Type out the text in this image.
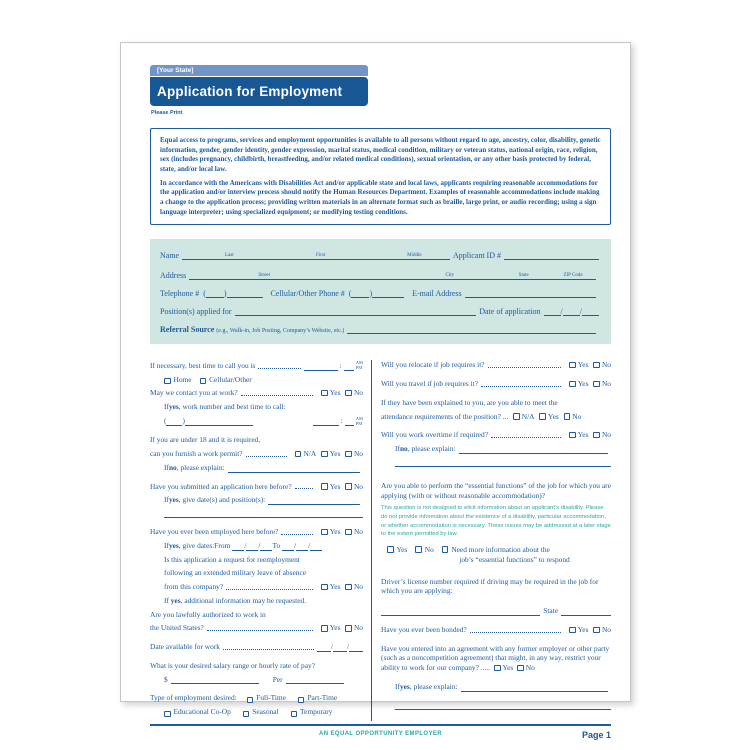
[Your State]
Application for Employment
Please Print

Equal access to programs, services and employment opportunities is available to all persons without regard to age, ancestry, color, disability, genetic information, gender, gender identity, gender expression, marital status, medical condition, military or veteran status, national origin, race, religion, sex (includes pregnancy, childbirth, breastfeeding, and/or related medical conditions), sexual orientation, or any other basis protected by federal, state, and/or local law.

In accordance with the Americans with Disabilities Act and/or applicable state and local laws, applicants requiring reasonable accommodations for the application and/or interview process should notify the Human Resources Department. Examples of reasonable accommodations include making a change to the application process; providing written materials in an alternate format such as braille, large print, or audio recording; using a sign language interpreter; using specialized equipment; or modifying testing conditions.

Name	Last	First	Middle	Applicant ID #
Address	Street	City	State	ZIP Code
Telephone # ( )	Cellular/Other Phone # ( )	E-mail Address
Position(s) applied for	Date of application	/ /
Referral Source (e.g., Walk-in, Job Posting, Company’s Website, etc.)
If necessary, best time to call you is	:	AM
PM
Home Cellular/Other
May we contact you at work?	Yes No
If yes , work number and best time to call:
( )	:	AM
PM
If you are under 18 and it is required,
can you furnish a work permit?	N/A Yes No
If no , please explain:
Have you submitted an application here before?	Yes No
If yes , give date(s) and position(s):
Have you ever been employed here before?	Yes No
If yes , give dates: From / / To / /
Is this application a request for reemployment
following an extended military leave of absence
from this company?	Yes No
If yes, additional information may be requested.
Are you lawfully authorized to work in
the United States?	Yes No
Date available for work	/ /
What is your desired salary range or hourly rate of pay?
$	Per
Type of employment desired:	Full-Time	Part-Time
Educational Co-Op	Seasonal	Temporary
Will you relocate if job requires it?	Yes No
Will you travel if job requires it?	Yes No
If they have been explained to you, are you able to meet the
attendance requirements of the position? ... N/A Yes No
Will you work overtime if required?	Yes No
If no , please explain:
Are you able to perform the “essential functions” of the job for which you are applying (with or without reasonable accommodation)?
This question is not designed to elicit information about an applicant’s disability. Please do not provide information about the existence of a disability, particular accommodation, or whether accommodation is necessary. These issues may be addressed at a later stage to the extent permitted by law.
Yes No Need more information about the
job’s “essential functions” to respond
Driver’s license number required if driving may be required in the job for which you are applying:
State
Have you ever been bonded?	Yes No
Have you entered into an agreement with any former employer or other party (such as a noncompetition agreement) that might, in any way, restrict your ability to work for our company? ..... Yes No
If yes , please explain:
AN EQUAL OPPORTUNITY EMPLOYER	Page 1
